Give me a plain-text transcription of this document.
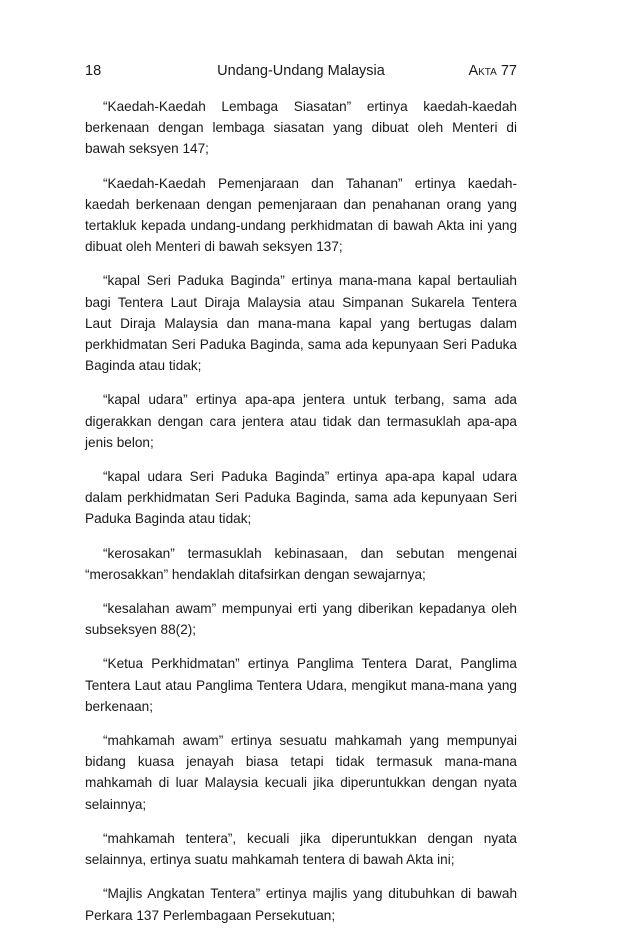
18	Undang-Undang Malaysia	Akta 77

“Kaedah-Kaedah Lembaga Siasatan” ertinya kaedah-kaedah berkenaan dengan lembaga siasatan yang dibuat oleh Menteri di bawah seksyen 147;

“Kaedah-Kaedah Pemenjaraan dan Tahanan” ertinya kaedah-kaedah berkenaan dengan pemenjaraan dan penahanan orang yang tertakluk kepada undang-undang perkhidmatan di bawah Akta ini yang dibuat oleh Menteri di bawah seksyen 137;

“kapal Seri Paduka Baginda” ertinya mana-mana kapal bertauliah bagi Tentera Laut Diraja Malaysia atau Simpanan Sukarela Tentera Laut Diraja Malaysia dan mana-mana kapal yang bertugas dalam perkhidmatan Seri Paduka Baginda, sama ada kepunyaan Seri Paduka Baginda atau tidak;

“kapal udara” ertinya apa-apa jentera untuk terbang, sama ada digerakkan dengan cara jentera atau tidak dan termasuklah apa-apa jenis belon;

“kapal udara Seri Paduka Baginda” ertinya apa-apa kapal udara dalam perkhidmatan Seri Paduka Baginda, sama ada kepunyaan Seri Paduka Baginda atau tidak;

“kerosakan” termasuklah kebinasaan, dan sebutan mengenai “merosakkan” hendaklah ditafsirkan dengan sewajarnya;

“kesalahan awam” mempunyai erti yang diberikan kepadanya oleh subseksyen 88(2);

“Ketua Perkhidmatan” ertinya Panglima Tentera Darat, Panglima Tentera Laut atau Panglima Tentera Udara, mengikut mana-mana yang berkenaan;

“mahkamah awam” ertinya sesuatu mahkamah yang mempunyai bidang kuasa jenayah biasa tetapi tidak termasuk mana-mana mahkamah di luar Malaysia kecuali jika diperuntukkan dengan nyata selainnya;

“mahkamah tentera”, kecuali jika diperuntukkan dengan nyata selainnya, ertinya suatu mahkamah tentera di bawah Akta ini;

“Majlis Angkatan Tentera” ertinya majlis yang ditubuhkan di bawah Perkara 137 Perlembagaan Persekutuan;
